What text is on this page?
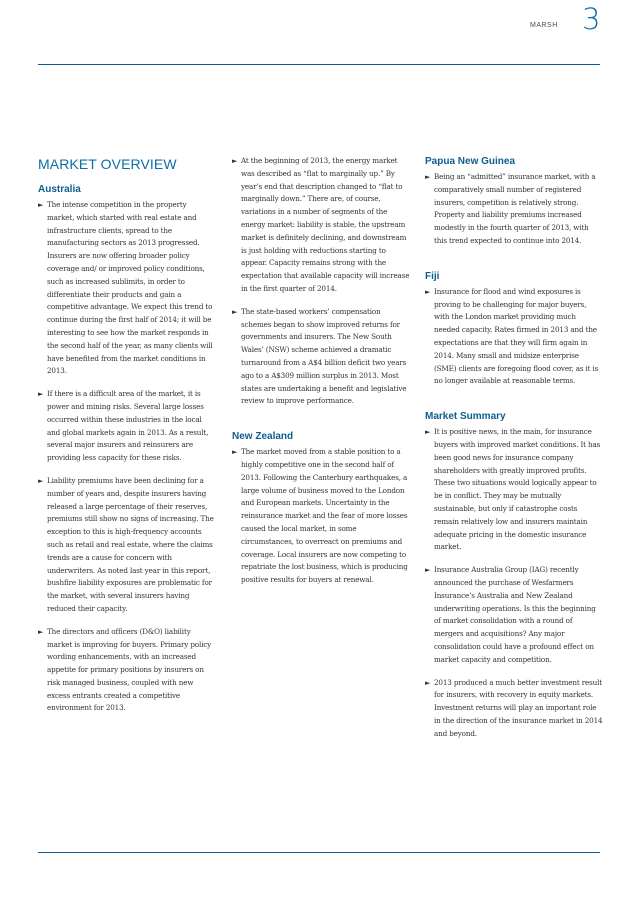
MARSH 3
MARKET OVERVIEW
Australia
► The intense competition in the property market, which started with real estate and infrastructure clients, spread to the manufacturing sectors as 2013 progressed. Insurers are now offering broader policy coverage and/ or improved policy conditions, such as increased sublimits, in order to differentiate their products and gain a competitive advantage. We expect this trend to continue during the first half of 2014; it will be interesting to see how the market responds in the second half of the year, as many clients will have benefited from the market conditions in 2013.
► If there is a difficult area of the market, it is power and mining risks. Several large losses occurred within these industries in the local and global markets again in 2013. As a result, several major insurers and reinsurers are providing less capacity for these risks.
► Liability premiums have been declining for a number of years and, despite insurers having released a large percentage of their reserves, premiums still show no signs of increasing. The exception to this is high-frequency accounts such as retail and real estate, where the claims trends are a cause for concern with underwriters. As noted last year in this report, bushfire liability exposures are problematic for the market, with several insurers having reduced their capacity.
► The directors and officers (D&O) liability market is improving for buyers. Primary policy wording enhancements, with an increased appetite for primary positions by insurers on risk managed business, coupled with new excess entrants created a competitive environment for 2013.
► At the beginning of 2013, the energy market was described as “flat to marginally up.” By year’s end that description changed to “flat to marginally down.” There are, of course, variations in a number of segments of the energy market: liability is stable, the upstream market is definitely declining, and downstream is just holding with reductions starting to appear. Capacity remains strong with the expectation that available capacity will increase in the first quarter of 2014.
► The state-based workers’ compensation schemes began to show improved returns for governments and insurers. The New South Wales’ (NSW) scheme achieved a dramatic turnaround from a A$4 billion deficit two years ago to a A$309 million surplus in 2013. Most states are undertaking a benefit and legislative review to improve performance.
New Zealand
► The market moved from a stable position to a highly competitive one in the second half of 2013. Following the Canterbury earthquakes, a large volume of business moved to the London and European markets. Uncertainty in the reinsurance market and the fear of more losses caused the local market, in some circumstances, to overreact on premiums and coverage. Local insurers are now competing to repatriate the lost business, which is producing positive results for buyers at renewal.
Papua New Guinea
► Being an “admitted” insurance market, with a comparatively small number of registered insurers, competition is relatively strong. Property and liability premiums increased modestly in the fourth quarter of 2013, with this trend expected to continue into 2014.
Fiji
► Insurance for flood and wind exposures is proving to be challenging for major buyers, with the London market providing much needed capacity. Rates firmed in 2013 and the expectations are that they will firm again in 2014. Many small and midsize enterprise (SME) clients are foregoing flood cover, as it is no longer available at reasonable terms.
Market Summary
► It is positive news, in the main, for insurance buyers with improved market conditions. It has been good news for insurance company shareholders with greatly improved profits. These two situations would logically appear to be in conflict. They may be mutually sustainable, but only if catastrophe costs remain relatively low and insurers maintain adequate pricing in the domestic insurance market.
► Insurance Australia Group (IAG) recently announced the purchase of Wesfarmers Insurance’s Australia and New Zealand underwriting operations. Is this the beginning of market consolidation with a round of mergers and acquisitions? Any major consolidation could have a profound effect on market capacity and competition.
► 2013 produced a much better investment result for insurers, with recovery in equity markets. Investment returns will play an important role in the direction of the insurance market in 2014 and beyond.
